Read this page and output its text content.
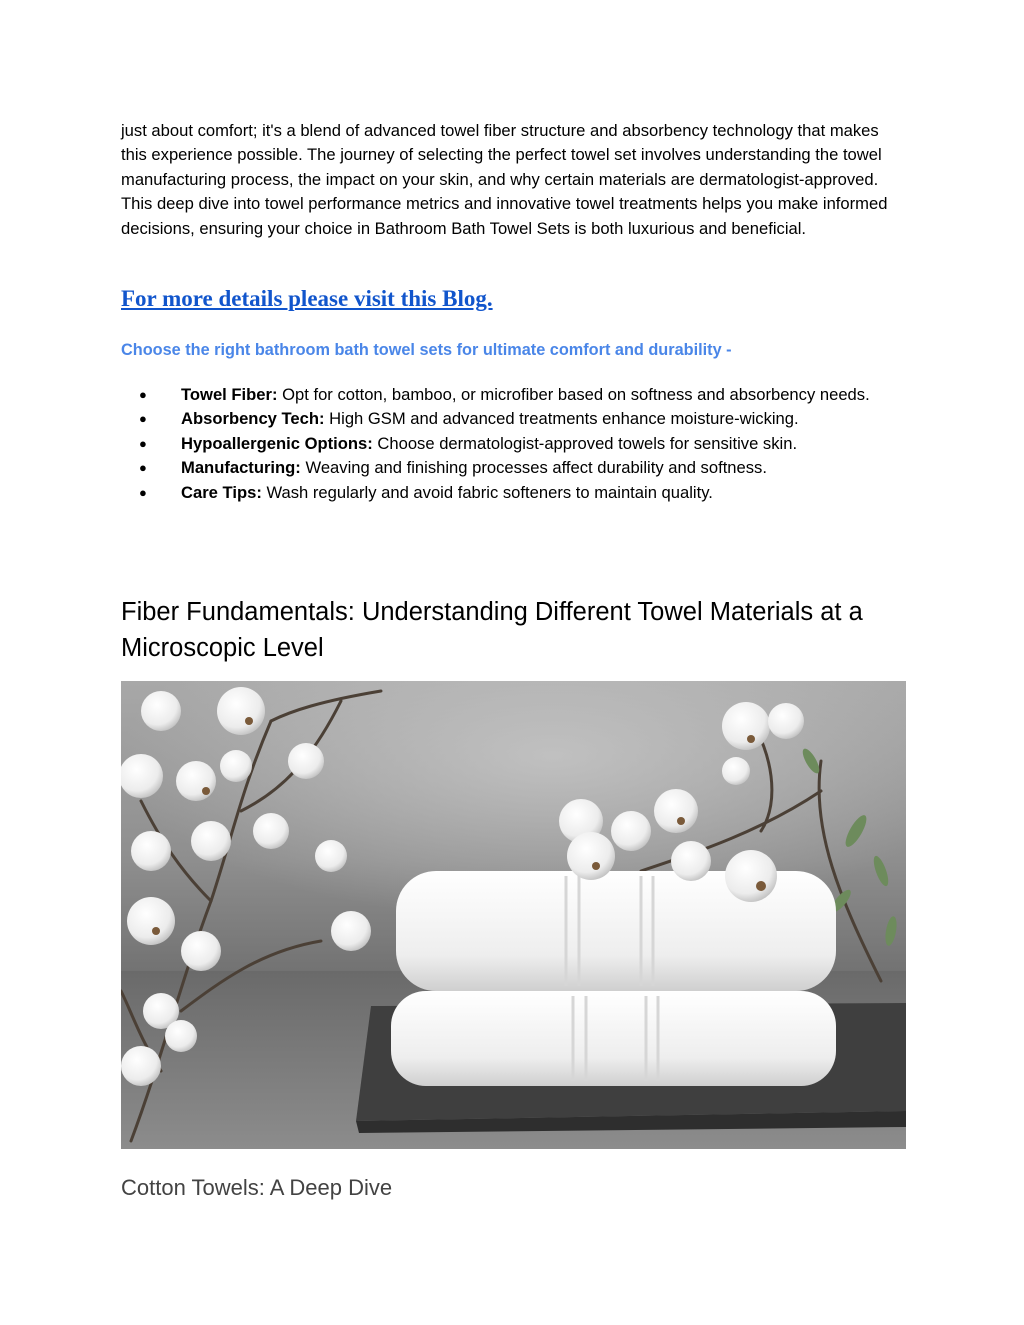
just about comfort; it's a blend of advanced towel fiber structure and absorbency technology that makes this experience possible. The journey of selecting the perfect towel set involves understanding the towel manufacturing process, the impact on your skin, and why certain materials are dermatologist-approved. This deep dive into towel performance metrics and innovative towel treatments helps you make informed decisions, ensuring your choice in Bathroom Bath Towel Sets is both luxurious and beneficial.

For more details please visit this Blog.
Choose the right bathroom bath towel sets for ultimate comfort and durability -
● Towel Fiber: Opt for cotton, bamboo, or microfiber based on softness and absorbency needs.
● Absorbency Tech: High GSM and advanced treatments enhance moisture-wicking.
● Hypoallergenic Options: Choose dermatologist-approved towels for sensitive skin.
● Manufacturing: Weaving and finishing processes affect durability and softness.
● Care Tips: Wash regularly and avoid fabric softeners to maintain quality.
Fiber Fundamentals: Understanding Different Towel Materials at a Microscopic Level
Cotton Towels: A Deep Dive
